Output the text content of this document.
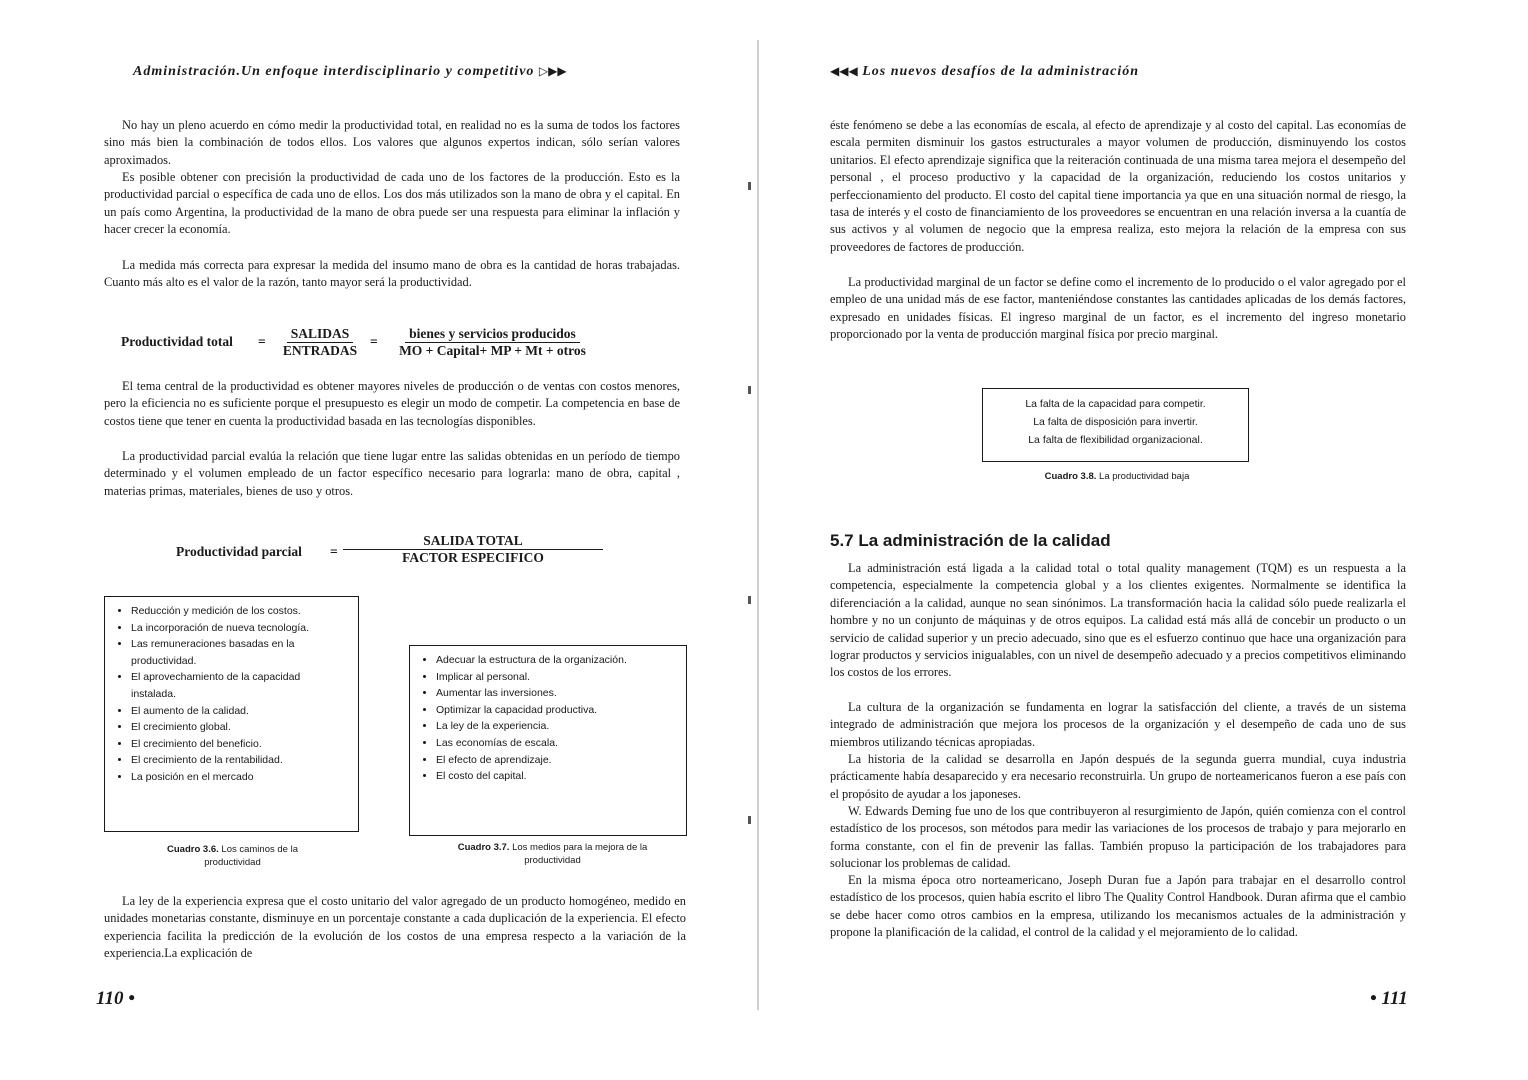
Administración.Un enfoque interdisciplinario y competitivo ▷▶▶

No hay un pleno acuerdo en cómo medir la productividad total, en realidad no es la suma de todos los factores sino más bien la combinación de todos ellos. Los valores que algunos expertos indican, sólo serían valores aproximados.

Es posible obtener con precisión la productividad de cada uno de los factores de la producción. Esto es la productividad parcial o específica de cada uno de ellos. Los dos más utilizados son la mano de obra y el capital. En un país como Argentina, la productividad de la mano de obra puede ser una respuesta para eliminar la inflación y hacer crecer la economía.

La medida más correcta para expresar la medida del insumo mano de obra es la cantidad de horas trabajadas. Cuanto más alto es el valor de la razón, tanto mayor será la productividad.

Productividad total =
SALIDAS
ENTRADAS
=
bienes y servicios producidos
MO + Capital+ MP + Mt + otros

El tema central de la productividad es obtener mayores niveles de producción o de ventas con costos menores, pero la eficiencia no es suficiente porque el presupuesto es elegir un modo de competir. La competencia en base de costos tiene que tener en cuenta la productividad basada en las tecnologías disponibles.

La productividad parcial evalúa la relación que tiene lugar entre las salidas obtenidas en un período de tiempo determinado y el volumen empleado de un factor específico necesario para lograrla: mano de obra, capital , materias primas, materiales, bienes de uso y otros.

Productividad parcial =
SALIDA TOTAL
FACTOR ESPECIFICO
• Reducción y medición de los costos.
• La incorporación de nueva tecnología.
• Las remuneraciones basadas en la productividad.
• El aprovechamiento de la capacidad instalada.
• El aumento de la calidad.
• El crecimiento global.
• El crecimiento del beneficio.
• El crecimiento de la rentabilidad.
• La posición en el mercado
Cuadro 3.6. Los caminos de la productividad
• Adecuar la estructura de la organización.
• Implicar al personal.
• Aumentar las inversiones.
• Optimizar la capacidad productiva.
• La ley de la experiencia.
• Las economías de escala.
• El efecto de aprendizaje.
• El costo del capital.
Cuadro 3.7. Los medios para la mejora de la productividad

La ley de la experiencia expresa que el costo unitario del valor agregado de un producto homogéneo, medido en unidades monetarias constante, disminuye en un porcentaje constante a cada duplicación de la experiencia. El efecto experiencia facilita la predicción de la evolución de los costos de una empresa respecto a la variación de la experiencia.La explicación de

110 •
◀◀◀ Los nuevos desafíos de la administración

éste fenómeno se debe a las economías de escala, al efecto de aprendizaje y al costo del capital. Las economías de escala permiten disminuir los gastos estructurales a mayor volumen de producción, disminuyendo los costos unitarios. El efecto aprendizaje significa que la reiteración continuada de una misma tarea mejora el desempeño del personal , el proceso productivo y la capacidad de la organización, reduciendo los costos unitarios y perfeccionamiento del producto. El costo del capital tiene importancia ya que en una situación normal de riesgo, la tasa de interés y el costo de financiamiento de los proveedores se encuentran en una relación inversa a la cuantía de sus activos y al volumen de negocio que la empresa realiza, esto mejora la relación de la empresa con sus proveedores de factores de producción.

La productividad marginal de un factor se define como el incremento de lo producido o el valor agregado por el empleo de una unidad más de ese factor, manteniéndose constantes las cantidades aplicadas de los demás factores, expresado en unidades físicas. El ingreso marginal de un factor, es el incremento del ingreso monetario proporcionado por la venta de producción marginal física por precio marginal.

La falta de la capacidad para competir.
La falta de disposición para invertir.
La falta de flexibilidad organizacional.
Cuadro 3.8. La productividad baja
5.7 La administración de la calidad

La administración está ligada a la calidad total o total quality management (TQM) es un respuesta a la competencia, especialmente la competencia global y a los clientes exigentes. Normalmente se identifica la diferenciación a la calidad, aunque no sean sinónimos. La transformación hacia la calidad sólo puede realizarla el hombre y no un conjunto de máquinas y de otros equipos. La calidad está más allá de concebir un producto o un servicio de calidad superior y un precio adecuado, sino que es el esfuerzo continuo que hace una organización para lograr productos y servicios inigualables, con un nivel de desempeño adecuado y a precios competitivos eliminando los costos de los errores.

La cultura de la organización se fundamenta en lograr la satisfacción del cliente, a través de un sistema integrado de administración que mejora los procesos de la organización y el desempeño de cada uno de sus miembros utilizando técnicas apropiadas.

La historia de la calidad se desarrolla en Japón después de la segunda guerra mundial, cuya industria prácticamente había desaparecido y era necesario reconstruirla. Un grupo de norteamericanos fueron a ese país con el propósito de ayudar a los japoneses.

W. Edwards Deming fue uno de los que contribuyeron al resurgimiento de Japón, quién comienza con el control estadístico de los procesos, son métodos para medir las variaciones de los procesos de trabajo y para mejorarlo en forma constante, con el fin de prevenir las fallas. También propuso la participación de los trabajadores para solucionar los problemas de calidad.

En la misma época otro norteamericano, Joseph Duran fue a Japón para trabajar en el desarrollo control estadístico de los procesos, quien había escrito el libro The Quality Control Handbook. Duran afirma que el cambio se debe hacer como otros cambios en la empresa, utilizando los mecanismos actuales de la administración y propone la planificación de la calidad, el control de la calidad y el mejoramiento de lo calidad.

• 111
